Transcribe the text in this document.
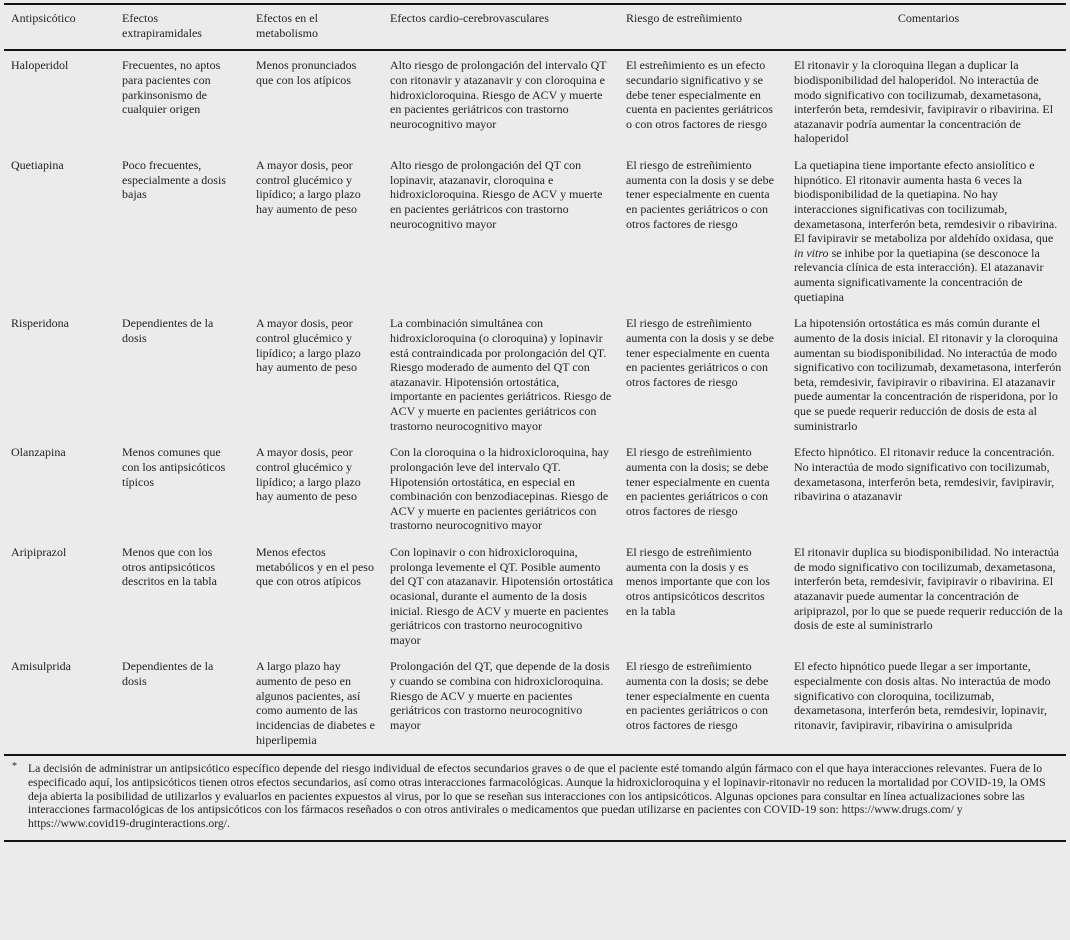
Antipsicótico	Efectos extrapiramidales	Efectos en el metabolismo	Efectos cardio-cerebrovasculares	Riesgo de estreñimiento	Comentarios
Haloperidol	Frecuentes, no aptos para pacientes con parkinsonismo de cualquier origen	Menos pronunciados que con los atípicos	Alto riesgo de prolongación del intervalo QT con ritonavir y atazanavir y con cloroquina e hidroxicloroquina. Riesgo de ACV y muerte en pacientes geriátricos con trastorno neurocognitivo mayor	El estreñimiento es un efecto secundario significativo y se debe tener especialmente en cuenta en pacientes geriátricos o con otros factores de riesgo	El ritonavir y la cloroquina llegan a duplicar la biodisponibilidad del haloperidol. No interactúa de modo significativo con tocilizumab, dexametasona, interferón beta, remdesivir, favipiravir o ribavirina. El atazanavir podría aumentar la concentración de haloperidol
Quetiapina	Poco frecuentes, especialmente a dosis bajas	A mayor dosis, peor control glucémico y lipídico; a largo plazo hay aumento de peso	Alto riesgo de prolongación del QT con lopinavir, atazanavir, cloroquina e hidroxicloroquina. Riesgo de ACV y muerte en pacientes geriátricos con trastorno neurocognitivo mayor	El riesgo de estreñimiento aumenta con la dosis y se debe tener especialmente en cuenta en pacientes geriátricos o con otros factores de riesgo	La quetiapina tiene importante efecto ansiolítico e hipnótico. El ritonavir aumenta hasta 6 veces la biodisponibilidad de la quetiapina. No hay interacciones significativas con tocilizumab, dexametasona, interferón beta, remdesivir o ribavirina. El favipiravir se metaboliza por aldehído oxidasa, que in vitro se inhibe por la quetiapina (se desconoce la relevancia clínica de esta interacción). El atazanavir aumenta significativamente la concentración de quetiapina
Risperidona	Dependientes de la dosis	A mayor dosis, peor control glucémico y lipídico; a largo plazo hay aumento de peso	La combinación simultánea con hidroxicloroquina (o cloroquina) y lopinavir está contraindicada por prolongación del QT. Riesgo moderado de aumento del QT con atazanavir. Hipotensión ortostática, importante en pacientes geriátricos. Riesgo de ACV y muerte en pacientes geriátricos con trastorno neurocognitivo mayor	El riesgo de estreñimiento aumenta con la dosis y se debe tener especialmente en cuenta en pacientes geriátricos o con otros factores de riesgo	La hipotensión ortostática es más común durante el aumento de la dosis inicial. El ritonavir y la cloroquina aumentan su biodisponibilidad. No interactúa de modo significativo con tocilizumab, dexametasona, interferón beta, remdesivir, favipiravir o ribavirina. El atazanavir puede aumentar la concentración de risperidona, por lo que se puede requerir reducción de dosis de esta al suministrarlo
Olanzapina	Menos comunes que con los antipsicóticos típicos	A mayor dosis, peor control glucémico y lipídico; a largo plazo hay aumento de peso	Con la cloroquina o la hidroxicloroquina, hay prolongación leve del intervalo QT. Hipotensión ortostática, en especial en combinación con benzodiacepinas. Riesgo de ACV y muerte en pacientes geriátricos con trastorno neurocognitivo mayor	El riesgo de estreñimiento aumenta con la dosis; se debe tener especialmente en cuenta en pacientes geriátricos o con otros factores de riesgo	Efecto hipnótico. El ritonavir reduce la concentración. No interactúa de modo significativo con tocilizumab, dexametasona, interferón beta, remdesivir, favipiravir, ribavirina o atazanavir
Aripiprazol	Menos que con los otros antipsicóticos descritos en la tabla	Menos efectos metabólicos y en el peso que con otros atípicos	Con lopinavir o con hidroxicloroquina, prolonga levemente el QT. Posible aumento del QT con atazanavir. Hipotensión ortostática ocasional, durante el aumento de la dosis inicial. Riesgo de ACV y muerte en pacientes geriátricos con trastorno neurocognitivo mayor	El riesgo de estreñimiento aumenta con la dosis y es menos importante que con los otros antipsicóticos descritos en la tabla	El ritonavir duplica su biodisponibilidad. No interactúa de modo significativo con tocilizumab, dexametasona, interferón beta, remdesivir, favipiravir o ribavirina. El atazanavir puede aumentar la concentración de aripiprazol, por lo que se puede requerir reducción de la dosis de este al suministrarlo
Amisulprida	Dependientes de la dosis	A largo plazo hay aumento de peso en algunos pacientes, así como aumento de las incidencias de diabetes e hiperlipemia	Prolongación del QT, que depende de la dosis y cuando se combina con hidroxicloroquina. Riesgo de ACV y muerte en pacientes geriátricos con trastorno neurocognitivo mayor	El riesgo de estreñimiento aumenta con la dosis; se debe tener especialmente en cuenta en pacientes geriátricos o con otros factores de riesgo	El efecto hipnótico puede llegar a ser importante, especialmente con dosis altas. No interactúa de modo significativo con cloroquina, tocilizumab, dexametasona, interferón beta, remdesivir, lopinavir, ritonavir, favipiravir, ribavirina o amisulprida
* La decisión de administrar un antipsicótico específico depende del riesgo individual de efectos secundarios graves o de que el paciente esté tomando algún fármaco con el que haya interacciones relevantes. Fuera de lo especificado aquí, los antipsicóticos tienen otros efectos secundarios, así como otras interacciones farmacológicas. Aunque la hidroxicloroquina y el lopinavir-ritonavir no reducen la mortalidad por COVID-19, la OMS deja abierta la posibilidad de utilizarlos y evaluarlos en pacientes expuestos al virus, por lo que se reseñan sus interacciones con los antipsicóticos. Algunas opciones para consultar en línea actualizaciones sobre las interacciones farmacológicas de los antipsicóticos con los fármacos reseñados o con otros antivirales o medicamentos que puedan utilizarse en pacientes con COVID-19 son: https://www.drugs.com/ y https://www.covid19-druginteractions.org/.
